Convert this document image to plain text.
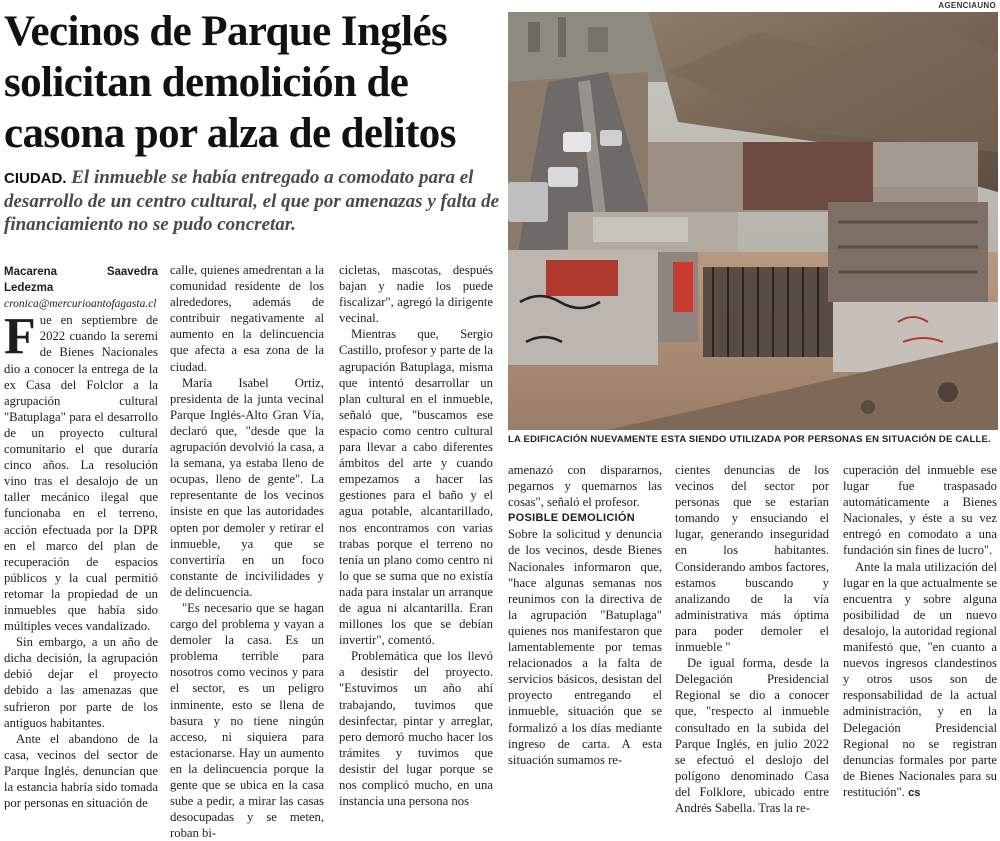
Vecinos de Parque Inglés solicitan demolición de casona por alza de delitos
CIUDAD. El inmueble se había entregado a comodato para el desarrollo de un centro cultural, el que por amenazas y falta de financiamiento no se pudo concretar.
AGENCIAUNO
LA EDIFICACIÓN NUEVAMENTE ESTA SIENDO UTILIZADA POR PERSONAS EN SITUACIÓN DE CALLE.

Macarena Saavedra Ledezma

cronica@mercurioantofagasta.cl

Fue en septiembre de 2022 cuando la seremi de Bienes Nacionales dio a conocer la entrega de la ex Casa del Folclor a la agrupación cultural "Batuplaga" para el desarrollo de un proyecto cultural comunitario el que duraría cinco años. La resolución vino tras el desalojo de un taller mecánico ilegal que funcionaba en el terreno, acción efectuada por la DPR en el marco del plan de recuperación de espacios públicos y la cual permitió retomar la propiedad de un inmuebles que había sido múltiples veces vandalizado.

Sin embargo, a un año de dicha decisión, la agrupación debió dejar el proyecto debido a las amenazas que sufrieron por parte de los antiguos habitantes.

Ante el abandono de la casa, vecinos del sector de Parque Inglés, denuncian que la estancia habría sido tomada por personas en situación de

calle, quienes amedrentan a la comunidad residente de los alrededores, además de contribuir negativamente al aumento en la delincuencia que afecta a esa zona de la ciudad.

María Isabel Ortiz, presidenta de la junta vecinal Parque Inglés-Alto Gran Vía, declaró que, "desde que la agrupación devolvió la casa, a la semana, ya estaba lleno de ocupas, lleno de gente". La representante de los vecinos insiste en que las autoridades opten por demoler y retirar el inmueble, ya que se convertiría en un foco constante de incivilidades y de delincuencia.

"Es necesario que se hagan cargo del problema y vayan a demoler la casa. Es un problema terrible para nosotros como vecinos y para el sector, es un peligro inminente, esto se llena de basura y no tiene ningún acceso, ni siquiera para estacionarse. Hay un aumento en la delincuencia porque la gente que se ubica en la casa sube a pedir, a mirar las casas desocupadas y se meten, roban bi-

cicletas, mascotas, después bajan y nadie los puede fiscalizar", agregó la dirigente vecinal.

Mientras que, Sergio Castillo, profesor y parte de la agrupación Batuplaga, misma que intentó desarrollar un plan cultural en el inmueble, señaló que, "buscamos ese espacio como centro cultural para llevar a cabo diferentes ámbitos del arte y cuando empezamos a hacer las gestiones para el baño y el agua potable, alcantarillado, nos encontramos con varias trabas porque el terreno no tenía un plano como centro ni lo que se suma que no existía nada para instalar un arranque de agua ni alcantarilla. Eran millones los que se debían invertir", comentó.

Problemática que los llevó a desistir del proyecto. "Estuvimos un año ahí trabajando, tuvimos que desinfectar, pintar y arreglar, pero demoró mucho hacer los trámites y tuvimos que desistir del lugar porque se nos complicó mucho, en una instancia una persona nos

amenazó con dispararnos, pegarnos y quemarnos las cosas", señaló el profesor.

POSIBLE DEMOLICIÓN

Sobre la solicitud y denuncia de los vecinos, desde Bienes Nacionales informaron que, "hace algunas semanas nos reunimos con la directiva de la agrupación "Batuplaga" quienes nos manifestaron que lamentablemente por temas relacionados a la falta de servicios básicos, desistan del proyecto entregando el inmueble, situación que se formalizó a los días mediante ingreso de carta. A esta situación sumamos re-

cientes denuncias de los vecinos del sector por personas que se estarían tomando y ensuciando el lugar, generando inseguridad en los habitantes. Considerando ambos factores, estamos buscando y analizando de la vía administrativa más óptima para poder demoler el inmueble "

De igual forma, desde la Delegación Presidencial Regional se dio a conocer que, "respecto al inmueble consultado en la subida del Parque Inglés, en julio 2022 se efectuó el deslojo del polígono denominado Casa del Folklore, ubicado entre Andrés Sabella. Tras la re-

cuperación del inmueble ese lugar fue traspasado automáticamente a Bienes Nacionales, y éste a su vez entregó en comodato a una fundación sin fines de lucro".

Ante la mala utilización del lugar en la que actualmente se encuentra y sobre alguna posibilidad de un nuevo desalojo, la autoridad regional manifestó que, "en cuanto a nuevos ingresos clandestinos y otros usos son de responsabilidad de la actual administración, y en la Delegación Presidencial Regional no se registran denuncias formales por parte de Bienes Nacionales para su restitución". cs
